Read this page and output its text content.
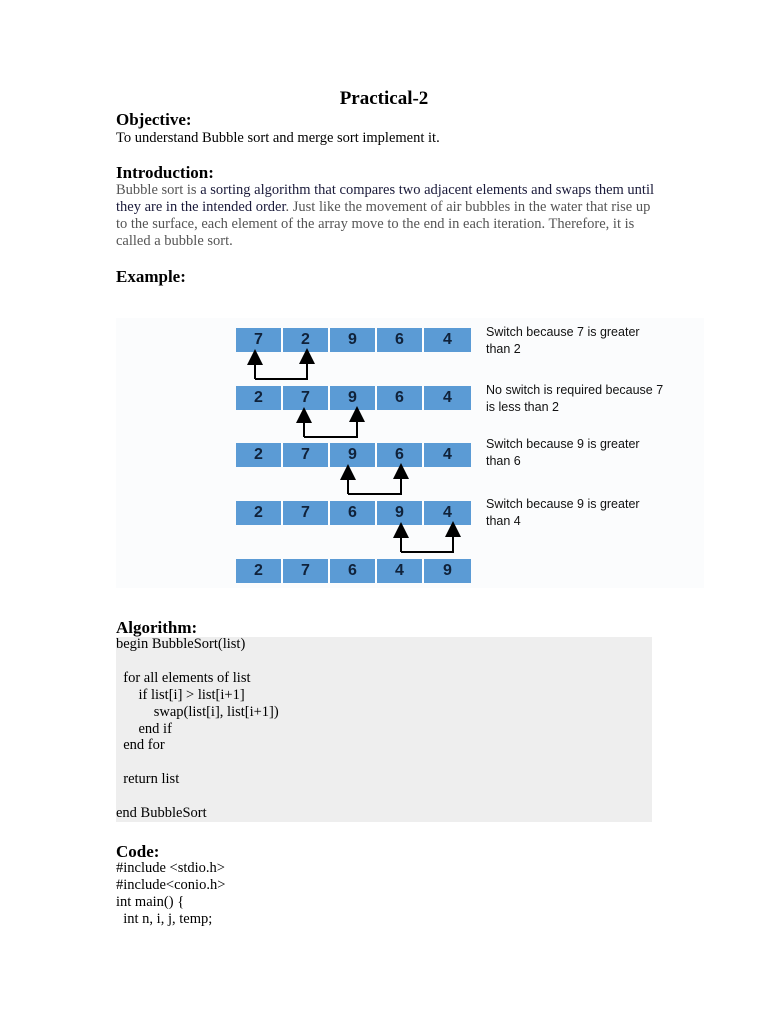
Practical-2
Objective:
To understand Bubble sort and merge sort implement it.
Introduction:
Bubble sort is a sorting algorithm that compares two adjacent elements and swaps them until they are in the intended order. Just like the movement of air bubbles in the water that rise up to the surface, each element of the array move to the end in each iteration. Therefore, it is called a bubble sort.
Example:
7	2	9	6	4
2	7	9	6	4
2	7	9	6	4
2	7	6	9	4
2	7	6	4	9
Switch because 7 is greater than 2
No switch is required because 7 is less than 2
Switch because 9 is greater than 6
Switch because 9 is greater than 4
Algorithm:
begin BubbleSort(list)
for all elements of list
if list[i] > list[i+1]
swap(list[i], list[i+1])
end if
end for
return list
end BubbleSort
Code:
#include <stdio.h>
#include<conio.h>
int main() {
int n, i, j, temp;
